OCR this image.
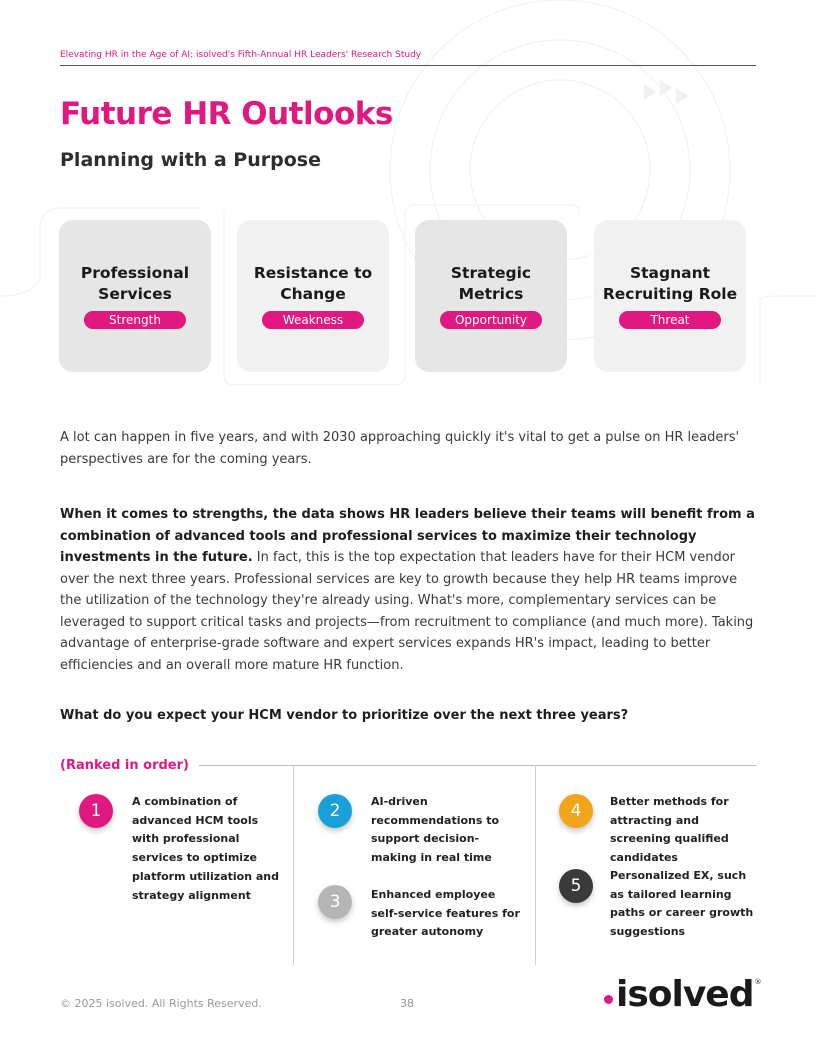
Elevating HR in the Age of AI: isolved's Fifth-Annual HR Leaders' Research Study
Future HR Outlooks
Planning with a Purpose
Professional Services
Strength
Resistance to Change
Weakness
Strategic Metrics
Opportunity
Stagnant Recruiting Role
Threat

A lot can happen in five years, and with 2030 approaching quickly it's vital to get a pulse on HR leaders' perspectives are for the coming years.

When it comes to strengths, the data shows HR leaders believe their teams will benefit from a combination of advanced tools and professional services to maximize their technology investments in the future. In fact, this is the top expectation that leaders have for their HCM vendor over the next three years. Professional services are key to growth because they help HR teams improve the utilization of the technology they're already using. What's more, complementary services can be leveraged to support critical tasks and projects—from recruitment to compliance (and much more). Taking advantage of enterprise-grade software and expert services expands HR's impact, leading to better efficiencies and an overall more mature HR function.

What do you expect your HCM vendor to prioritize over the next three years?
(Ranked in order)
1	A combination of advanced HCM tools with professional services to optimize platform utilization and strategy alignment
2	AI-driven recommendations to support decision-making in real time
3	Enhanced employee self-service features for greater autonomy
4	Better methods for attracting and screening qualified candidates
5
Personalized EX, such as tailored learning paths or career growth suggestions
© 2025 isolved. All Rights Reserved.	38	isolved ®
